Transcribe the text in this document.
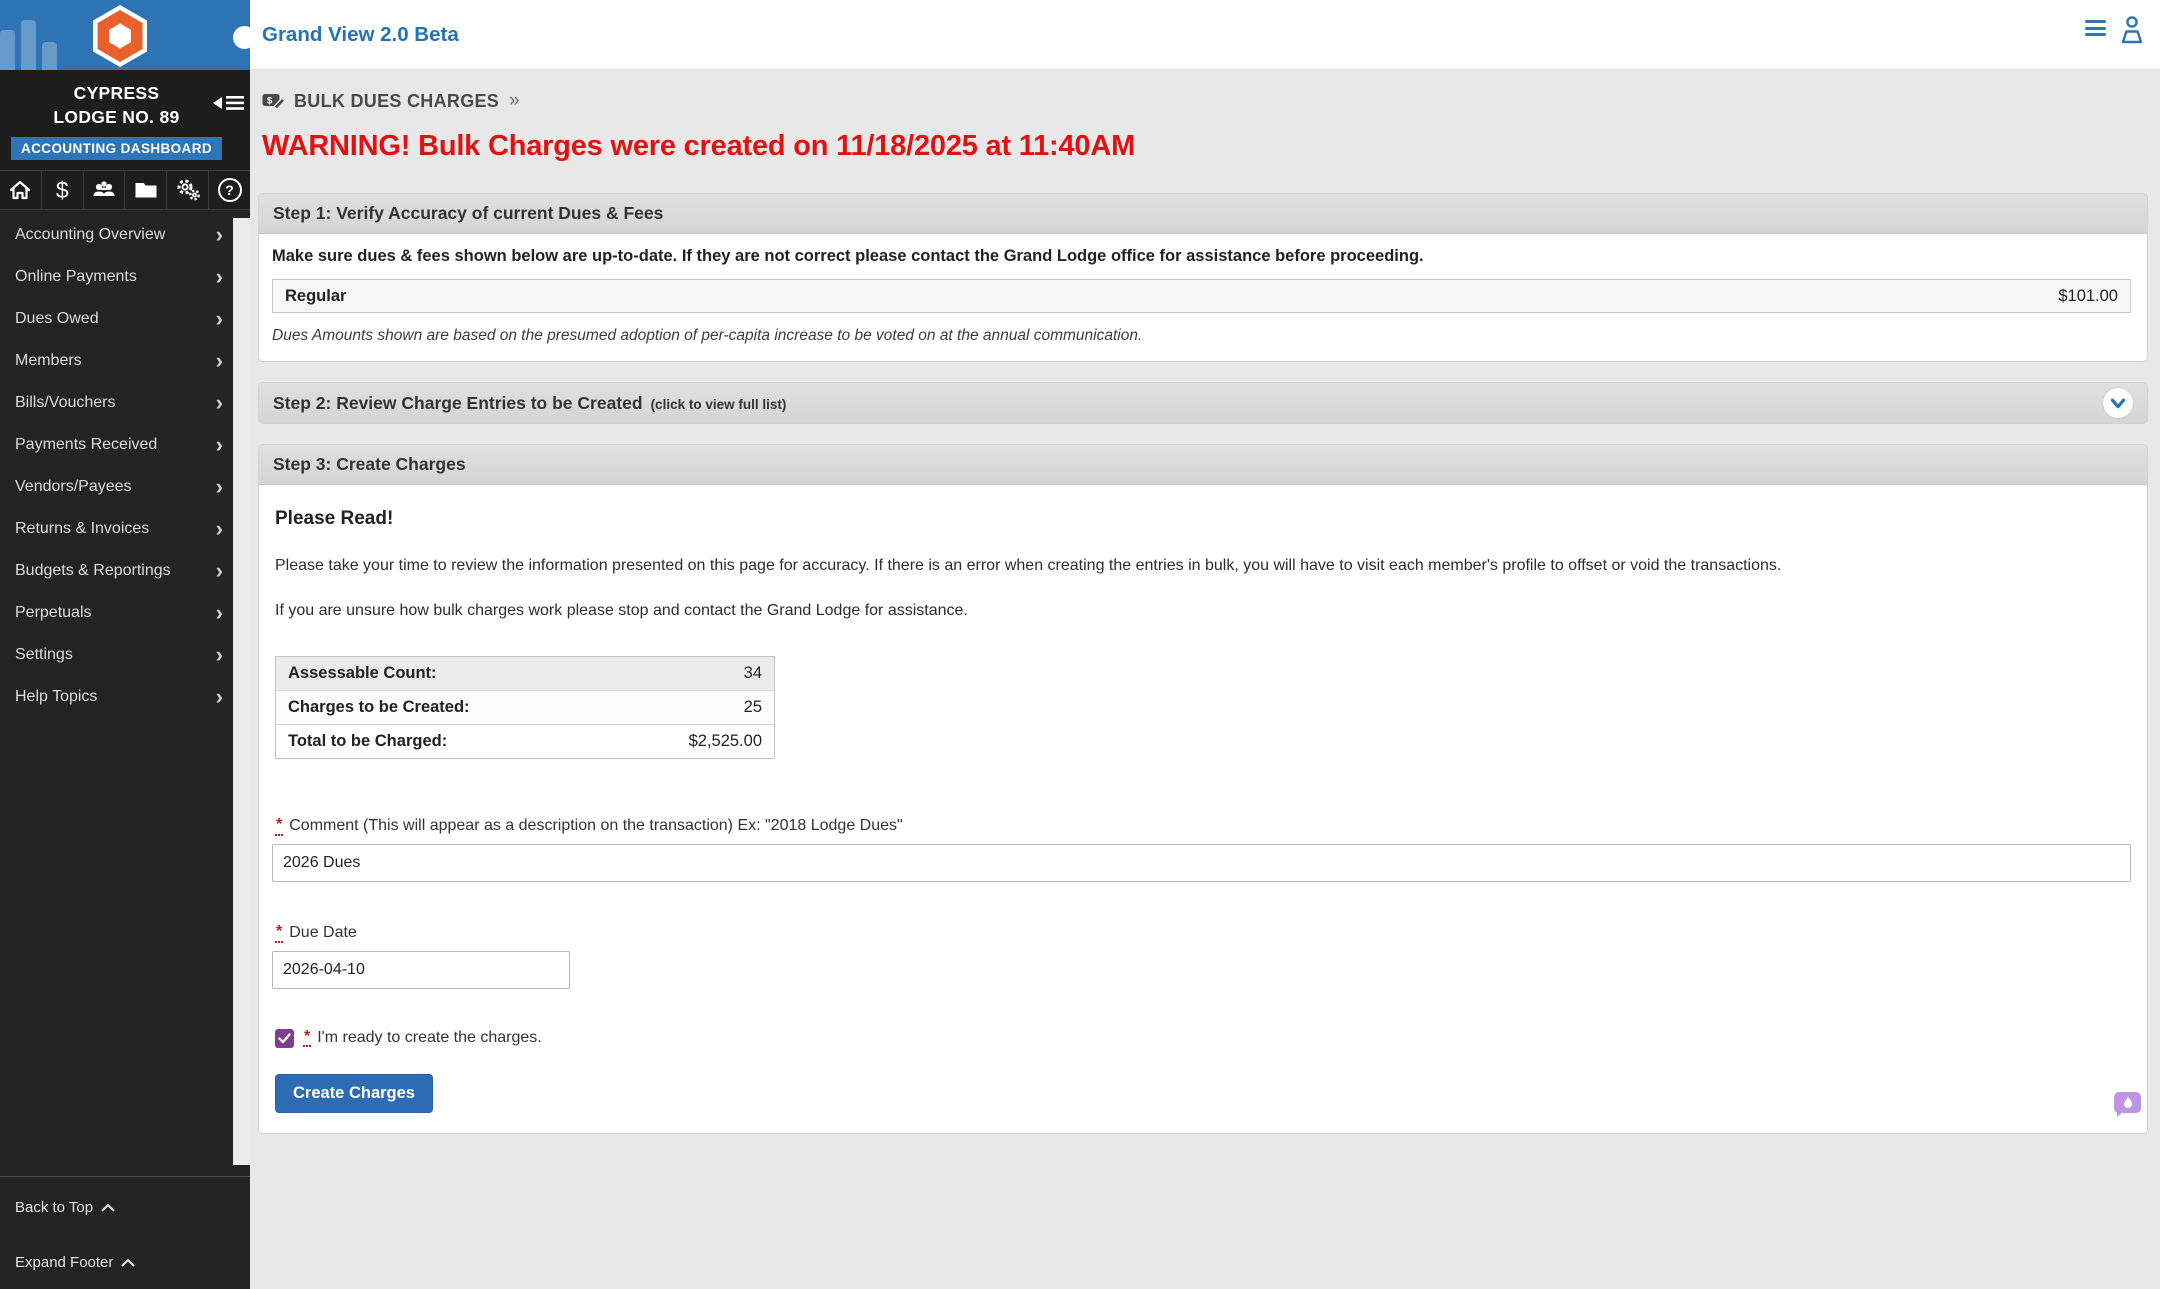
CYPRESS
LODGE NO. 89
ACCOUNTING DASHBOARD
$	?
Accounting Overview ›
Online Payments	›
Dues Owed	›
Members	›
Bills/Vouchers	›
Payments Received	›
Vendors/Payees	›
Returns & Invoices	›
Budgets & Reportings ›
Perpetuals	›
Settings	›
Help Topics	›
Back to Top
Expand Footer
Grand View 2.0 Beta
$ BULK DUES CHARGES »
WARNING! Bulk Charges were created on 11/18/2025 at 11:40AM
Step 1: Verify Accuracy of current Dues & Fees
Make sure dues & fees shown below are up-to-date. If they are not correct please contact the Grand Lodge office for assistance before proceeding.
Regular	$101.00
Dues Amounts shown are based on the presumed adoption of per-capita increase to be voted on at the annual communication.
Step 2: Review Charge Entries to be Created (click to view full list)
Step 3: Create Charges
Please Read!

Please take your time to review the information presented on this page for accuracy. If there is an error when creating the entries in bulk, you will have to visit each member's profile to offset or void the transactions.

If you are unsure how bulk charges work please stop and contact the Grand Lodge for assistance.

Assessable Count:	34
Charges to be Created:	25
Total to be Charged:	$2,525.00
* Comment (This will appear as a description on the transaction) Ex: "2018 Lodge Dues"
2026 Dues
* Due Date
2026-04-10
* I'm ready to create the charges.
Create Charges
